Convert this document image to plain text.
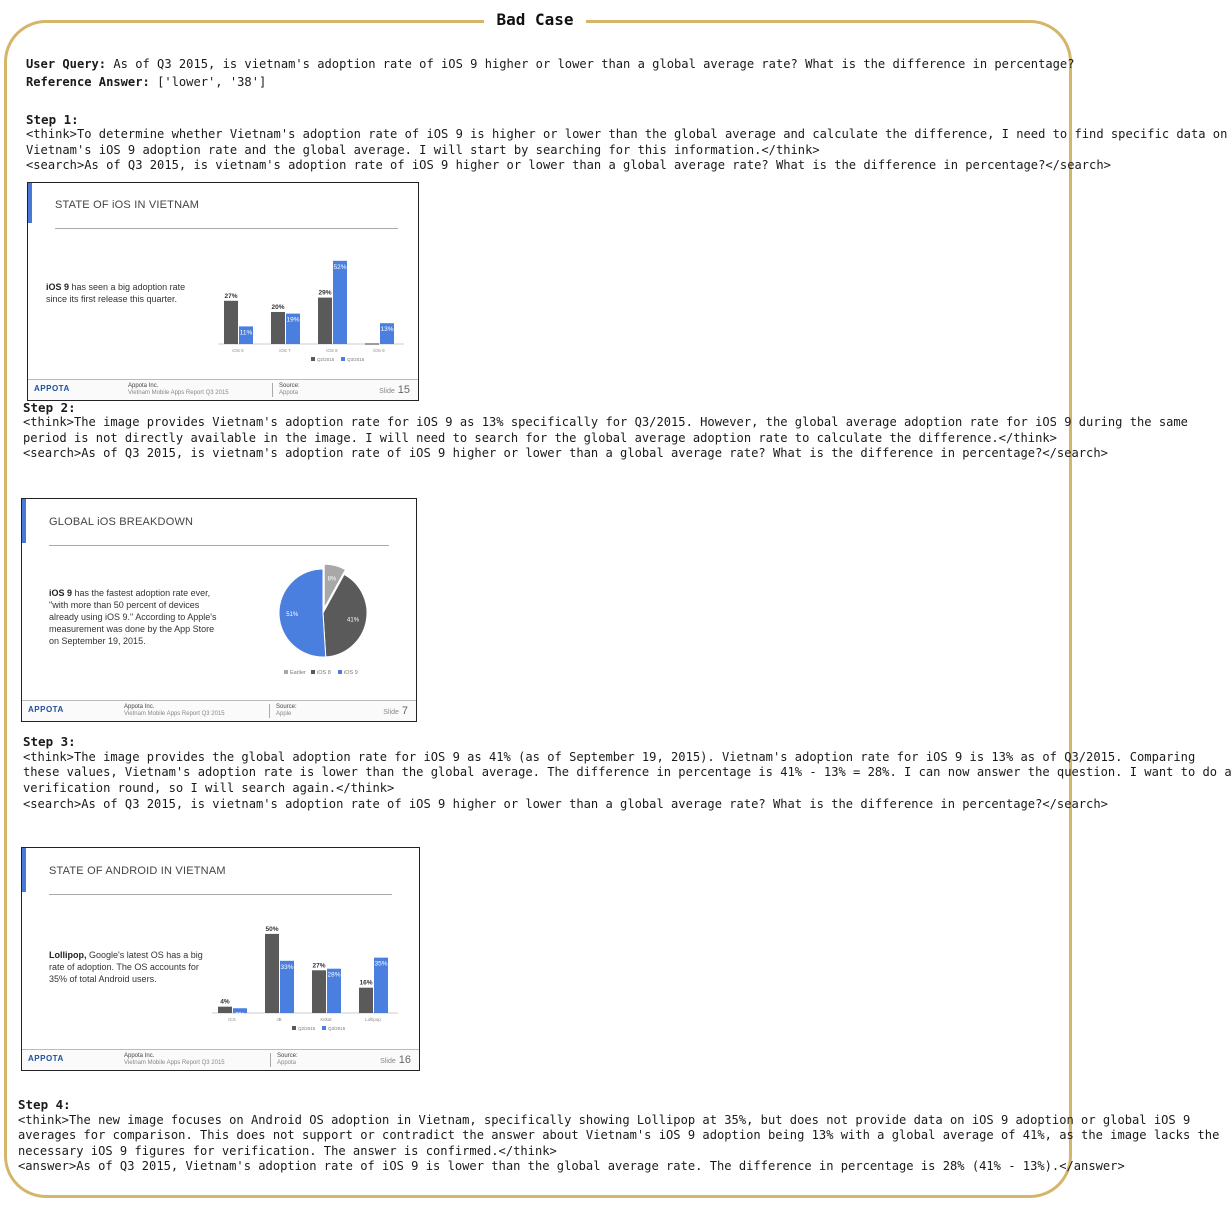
Bad Case
User Query: As of Q3 2015, is vietnam's adoption rate of iOS 9 higher or lower than a global average rate? What is the difference in percentage?
Reference Answer: ['lower', '38']
Step 1:
<think>To determine whether Vietnam's adoption rate of iOS 9 is higher or lower than the global average and calculate the difference, I need to find specific data on
Vietnam's iOS 9 adoption rate and the global average. I will start by searching for this information.</think>
<search>As of Q3 2015, is vietnam's adoption rate of iOS 9 higher or lower than a global average rate? What is the difference in percentage?</search>
STATE OF iOS IN VIETNAM
iOS 9 has seen a big adoption rate since its first release this quarter.	27%
11%
iOS 6
20%
19%
iOS 7
29%
52%
iOS 8
13%
iOS 9
Q2/2015	Q3/2015
APPOTA	Appota Inc.
Vietnam Mobile Apps Report Q3 2015
Source:
Appota	Slide 15
Step 2:
<think>The image provides Vietnam's adoption rate for iOS 9 as 13% specifically for Q3/2015. However, the global average adoption rate for iOS 9 during the same
period is not directly available in the image. I will need to search for the global average adoption rate to calculate the difference.</think>
<search>As of Q3 2015, is vietnam's adoption rate of iOS 9 higher or lower than a global average rate? What is the difference in percentage?</search>
GLOBAL iOS BREAKDOWN
iOS 9 has the fastest adoption rate ever, "with more than 50 percent of devices already using iOS 9." According to Apple's measurement was done by the App Store on September 19, 2015.
8%
41%
51%
Earlier iOS 8 iOS 9
APPOTA	Appota Inc.
Vietnam Mobile Apps Report Q3 2015
Source:
Apple	Slide 7
Step 3:
<think>The image provides the global adoption rate for iOS 9 as 41% (as of September 19, 2015). Vietnam's adoption rate for iOS 9 is 13% as of Q3/2015. Comparing
these values, Vietnam's adoption rate is lower than the global average. The difference in percentage is 41% - 13% = 28%. I can now answer the question. I want to do a
verification round, so I will search again.</think>
<search>As of Q3 2015, is vietnam's adoption rate of iOS 9 higher or lower than a global average rate? What is the difference in percentage?</search>
STATE OF ANDROID IN VIETNAM
Lollipop, Google's latest OS has a big rate of adoption. The OS accounts for 35% of total Android users.
4%
3%
ICS
50%
33%
JB
27%
28%
Kitkat
16%
35%
Lollipop
Q2/2015	Q3/2015
APPOTA	Appota Inc.
Vietnam Mobile Apps Report Q3 2015
Source:
Appota	Slide 16
Step 4:
<think>The new image focuses on Android OS adoption in Vietnam, specifically showing Lollipop at 35%, but does not provide data on iOS 9 adoption or global iOS 9
averages for comparison. This does not support or contradict the answer about Vietnam's iOS 9 adoption being 13% with a global average of 41%, as the image lacks the
necessary iOS 9 figures for verification. The answer is confirmed.</think>
<answer>As of Q3 2015, Vietnam's adoption rate of iOS 9 is lower than the global average rate. The difference in percentage is 28% (41% - 13%).</answer>
